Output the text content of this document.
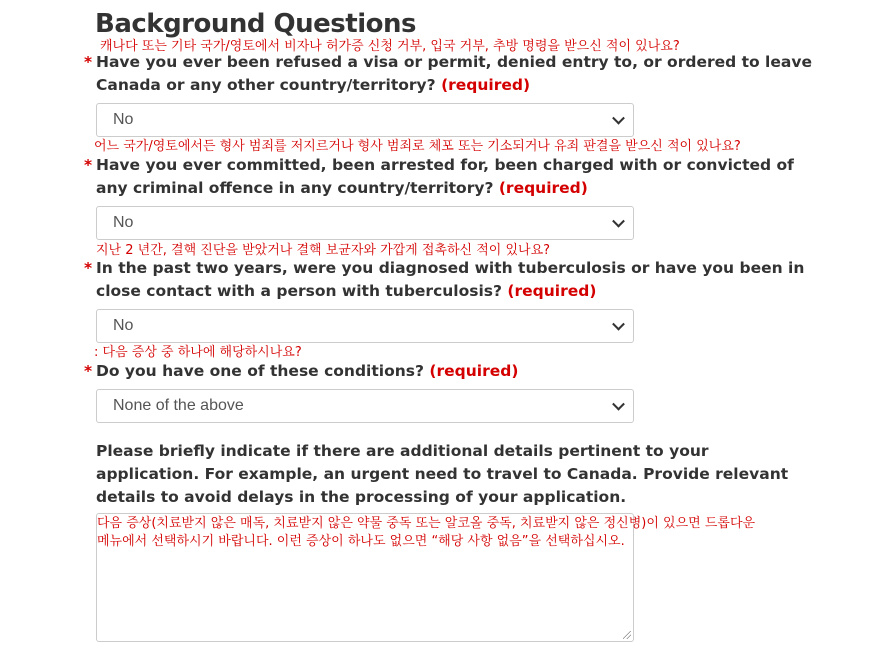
Background Questions
캐나다 또는 기타 국가/영토에서 비자나 허가증 신청 거부, 입국 거부, 추방 명령을 받으신 적이 있나요?
* Have you ever been refused a visa or permit, denied entry to, or ordered to leave Canada or any other country/territory? (required)
No
어느 국가/영토에서든 형사 범죄를 저지르거나 형사 범죄로 체포 또는 기소되거나 유죄 판결을 받으신 적이 있나요?
* Have you ever committed, been arrested for, been charged with or convicted of any criminal offence in any country/territory? (required)
No
지난 2 년간, 결핵 진단을 받았거나 결핵 보균자와 가깝게 접촉하신 적이 있나요?
* In the past two years, were you diagnosed with tuberculosis or have you been in close contact with a person with tuberculosis? (required)
No
: 다음 증상 중 하나에 해당하시나요?
* Do you have one of these conditions? (required)
None of the above
Please briefly indicate if there are additional details pertinent to your application. For example, an urgent need to travel to Canada. Provide relevant details to avoid delays in the processing of your application.
다음 증상(치료받지 않은 매독, 치료받지 않은 약물 중독 또는 알코올 중독, 치료받지 않은 정신병)이 있으면 드롭다운 메뉴에서 선택하시기 바랍니다. 이런 증상이 하나도 없으면 “해당 사항 없음”을 선택하십시오.
